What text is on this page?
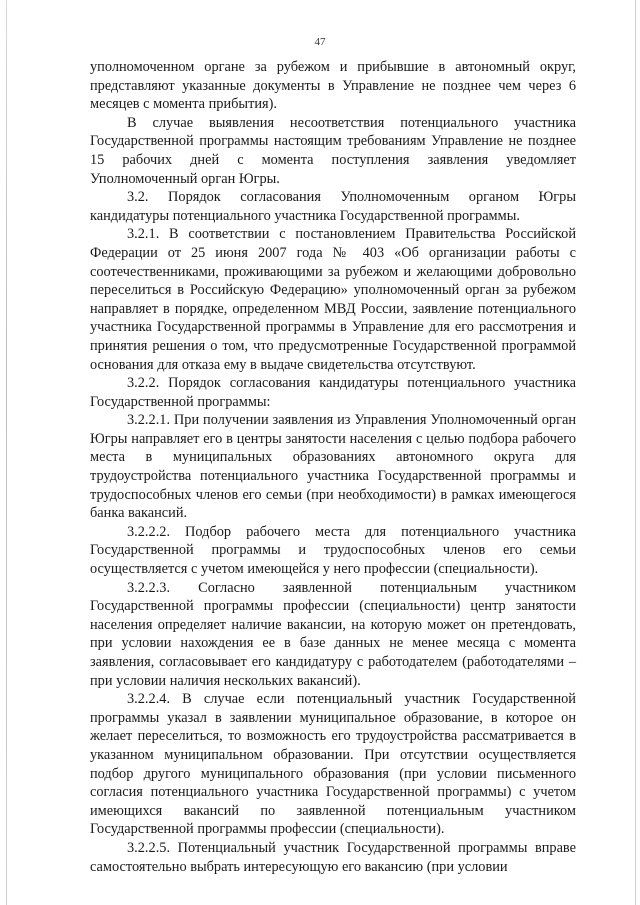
47

уполномоченном органе за рубежом и прибывшие в автономный округ, представляют указанные документы в Управление не позднее чем через 6 месяцев с момента прибытия).

В случае выявления несоответствия потенциального участника Государственной программы настоящим требованиям Управление не позднее 15 рабочих дней с момента поступления заявления уведомляет Уполномоченный орган Югры.

3.2. Порядок согласования Уполномоченным органом Югры кандидатуры потенциального участника Государственной программы.

3.2.1. В соответствии с постановлением Правительства Российской Федерации от 25 июня 2007 года № 403 «Об организации работы с соотечественниками, проживающими за рубежом и желающими добровольно переселиться в Российскую Федерацию» уполномоченный орган за рубежом направляет в порядке, определенном МВД России, заявление потенциального участника Государственной программы в Управление для его рассмотрения и принятия решения о том, что предусмотренные Государственной программой основания для отказа ему в выдаче свидетельства отсутствуют.

3.2.2. Порядок согласования кандидатуры потенциального участника Государственной программы:

3.2.2.1. При получении заявления из Управления Уполномоченный орган Югры направляет его в центры занятости населения с целью подбора рабочего места в муниципальных образованиях автономного округа для трудоустройства потенциального участника Государственной программы и трудоспособных членов его семьи (при необходимости) в рамках имеющегося банка вакансий.

3.2.2.2. Подбор рабочего места для потенциального участника Государственной программы и трудоспособных членов его семьи осуществляется с учетом имеющейся у него профессии (специальности).

3.2.2.3. Согласно заявленной потенциальным участником Государственной программы профессии (специальности) центр занятости населения определяет наличие вакансии, на которую может он претендовать, при условии нахождения ее в базе данных не менее месяца с момента заявления, согласовывает его кандидатуру с работодателем (работодателями – при условии наличия нескольких вакансий).

3.2.2.4. В случае если потенциальный участник Государственной программы указал в заявлении муниципальное образование, в которое он желает переселиться, то возможность его трудоустройства рассматривается в указанном муниципальном образовании. При отсутствии осуществляется подбор другого муниципального образования (при условии письменного согласия потенциального участника Государственной программы) с учетом имеющихся вакансий по заявленной потенциальным участником Государственной программы профессии (специальности).

3.2.2.5. Потенциальный участник Государственной программы вправе самостоятельно выбрать интересующую его вакансию (при условии
